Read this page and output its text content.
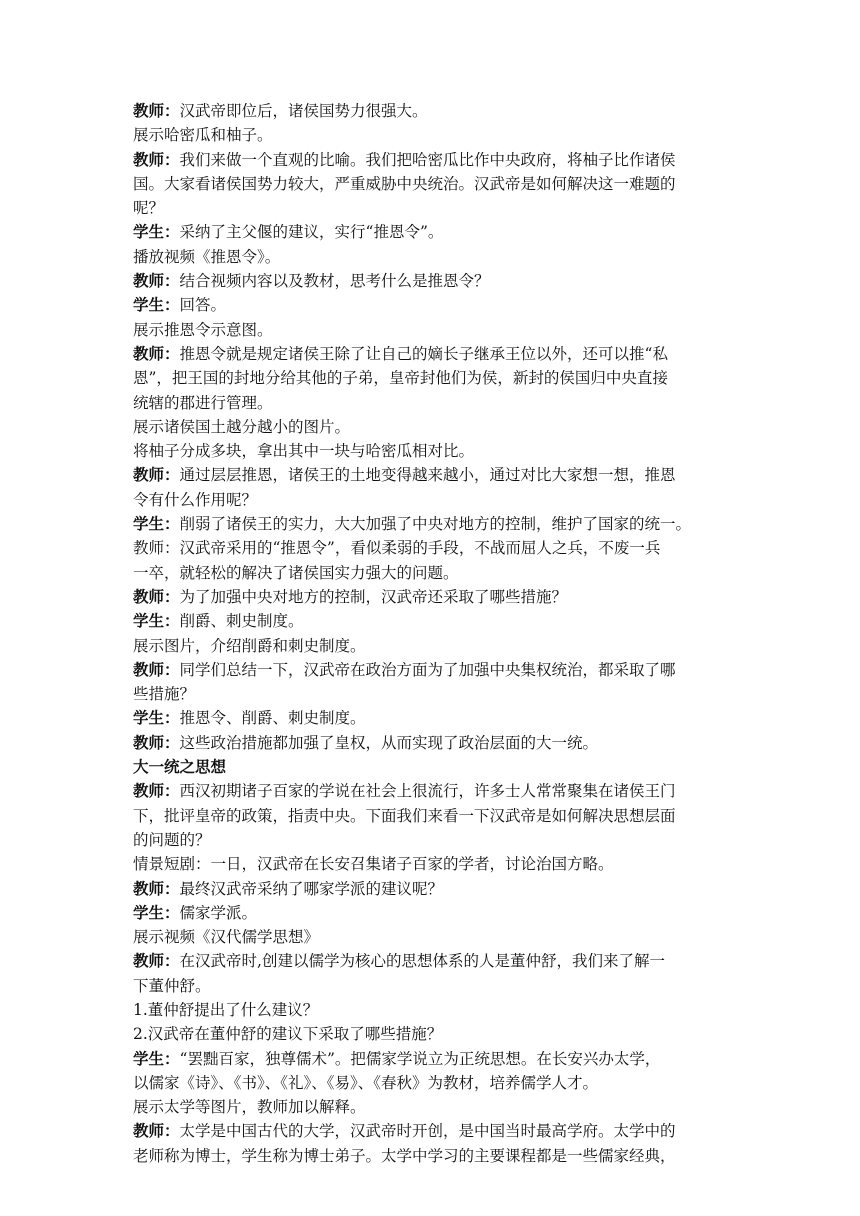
教师：汉武帝即位后，诸侯国势力很强大。
展示哈密瓜和柚子。
教师：我们来做一个直观的比喻。我们把哈密瓜比作中央政府，将柚子比作诸侯
国。大家看诸侯国势力较大，严重威胁中央统治。汉武帝是如何解决这一难题的
呢？
学生：采纳了主父偃的建议，实行“推恩令”。
播放视频《推恩令》。
教师：结合视频内容以及教材，思考什么是推恩令？
学生：回答。
展示推恩令示意图。
教师：推恩令就是规定诸侯王除了让自己的嫡长子继承王位以外，还可以推“私
恩”，把王国的封地分给其他的子弟，皇帝封他们为侯，新封的侯国归中央直接
统辖的郡进行管理。
展示诸侯国土越分越小的图片。
将柚子分成多块，拿出其中一块与哈密瓜相对比。
教师：通过层层推恩，诸侯王的土地变得越来越小，通过对比大家想一想，推恩
令有什么作用呢？
学生：削弱了诸侯王的实力，大大加强了中央对地方的控制，维护了国家的统一。
教师：汉武帝采用的“推恩令”，看似柔弱的手段，不战而屈人之兵，不废一兵
一卒，就轻松的解决了诸侯国实力强大的问题。
教师：为了加强中央对地方的控制，汉武帝还采取了哪些措施？
学生：削爵、刺史制度。
展示图片，介绍削爵和刺史制度。
教师：同学们总结一下，汉武帝在政治方面为了加强中央集权统治，都采取了哪
些措施？
学生：推恩令、削爵、刺史制度。
教师：这些政治措施都加强了皇权，从而实现了政治层面的大一统。
大一统之思想
教师：西汉初期诸子百家的学说在社会上很流行，许多士人常常聚集在诸侯王门
下，批评皇帝的政策，指责中央。下面我们来看一下汉武帝是如何解决思想层面
的问题的？
情景短剧：一日，汉武帝在长安召集诸子百家的学者，讨论治国方略。
教师：最终汉武帝采纳了哪家学派的建议呢？
学生：儒家学派。
展示视频《汉代儒学思想》
教师：在汉武帝时,创建以儒学为核心的思想体系的人是董仲舒，我们来了解一
下董仲舒。
1.董仲舒提出了什么建议？
2.汉武帝在董仲舒的建议下采取了哪些措施？
学生：“罢黜百家，独尊儒术”。把儒家学说立为正统思想。在长安兴办太学，
以儒家《诗》、《书》、《礼》、《易》、《春秋》为教材，培养儒学人才。
展示太学等图片，教师加以解释。
教师：太学是中国古代的大学，汉武帝时开创，是中国当时最高学府。太学中的
老师称为博士，学生称为博士弟子。太学中学习的主要课程都是一些儒家经典，
